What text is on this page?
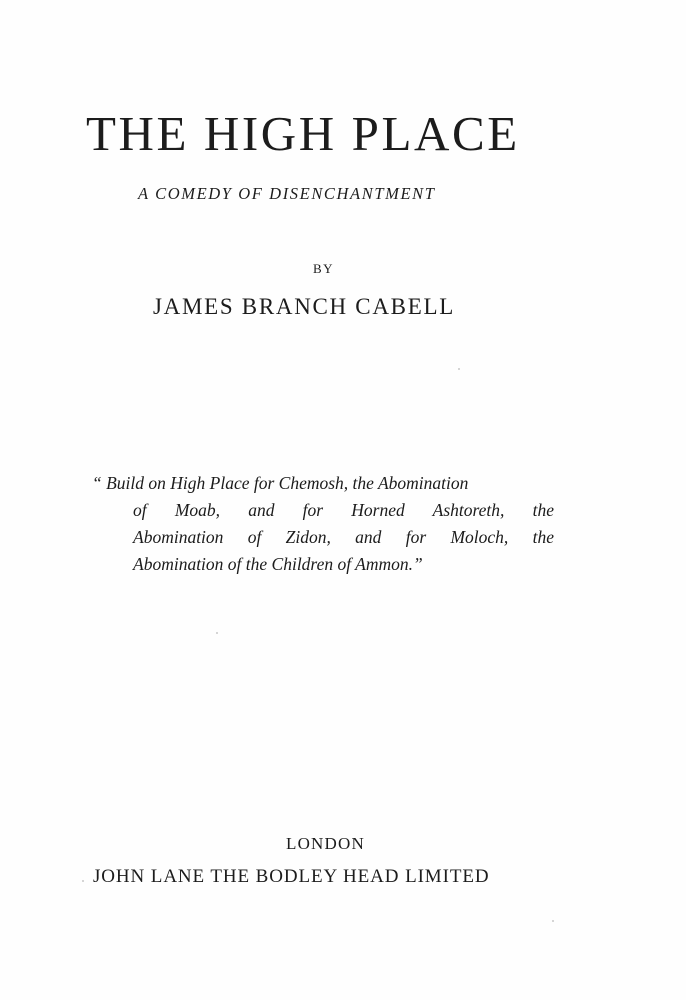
THE HIGH PLACE
A COMEDY OF DISENCHANTMENT
BY
JAMES BRANCH CABELL
“ Build on High Place for Chemosh, the Abomination
of Moab, and for Horned Ashtoreth, the
Abomination of Zidon, and for Moloch, the
Abomination of the Children of Ammon.”
LONDON
JOHN LANE THE BODLEY HEAD LIMITED
